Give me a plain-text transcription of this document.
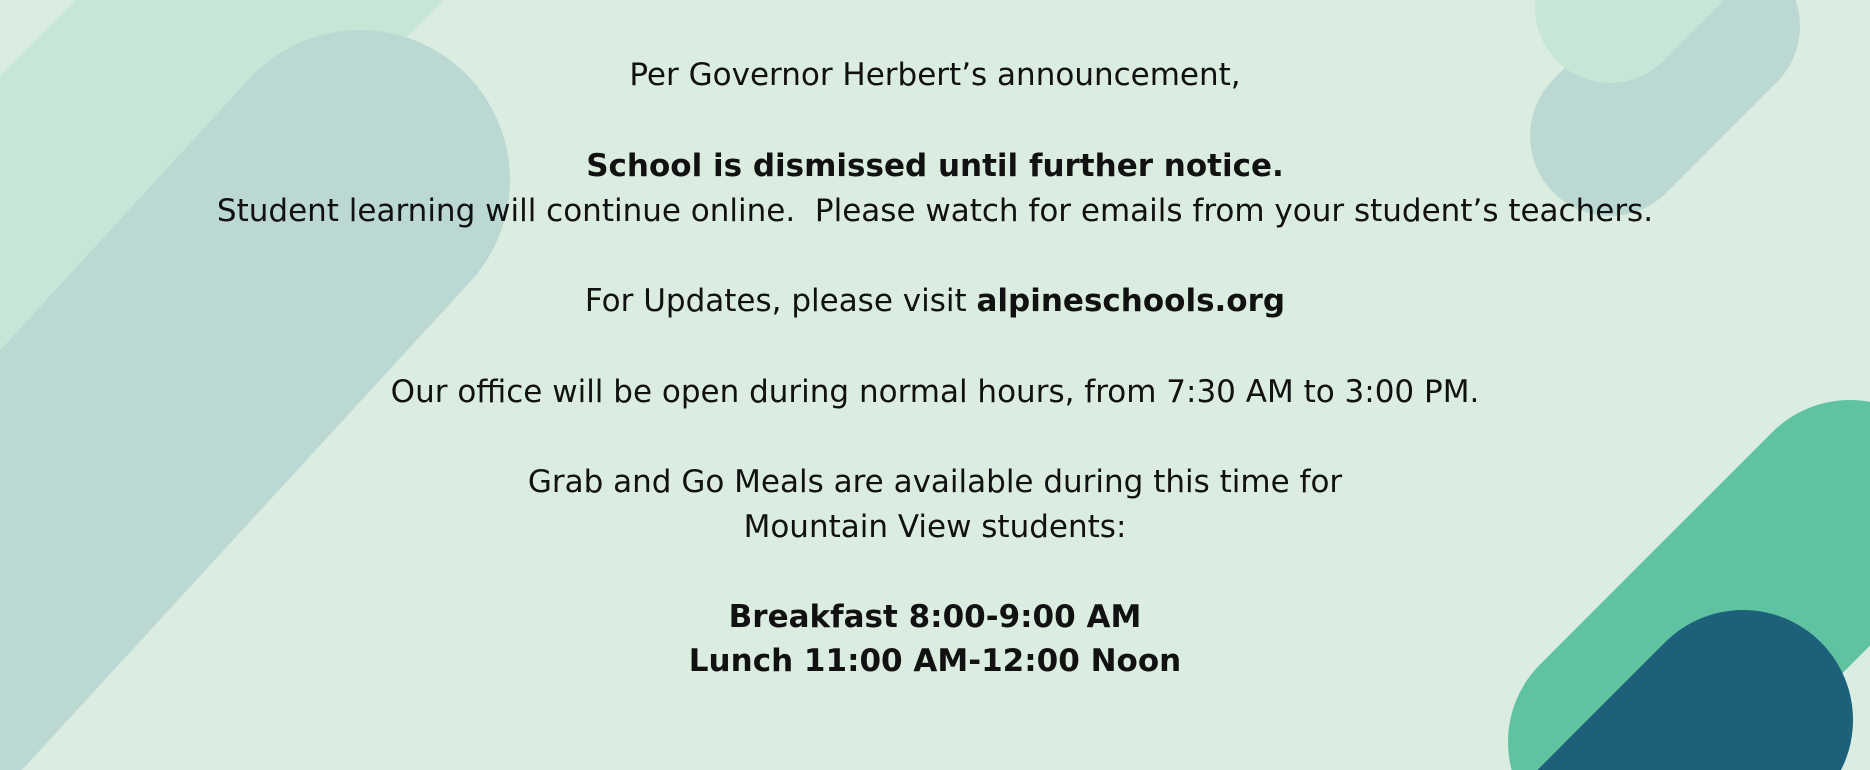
Per Governor Herbert’s announcement,
School is dismissed until further notice.
Student learning will continue online.  Please watch for emails from your student’s teachers.
For Updates, please visit alpineschools.org
Our office will be open during normal hours, from 7:30 AM to 3:00 PM.
Grab and Go Meals are available during this time for
Mountain View students:
Breakfast 8:00-9:00 AM
Lunch 11:00 AM-12:00 Noon
